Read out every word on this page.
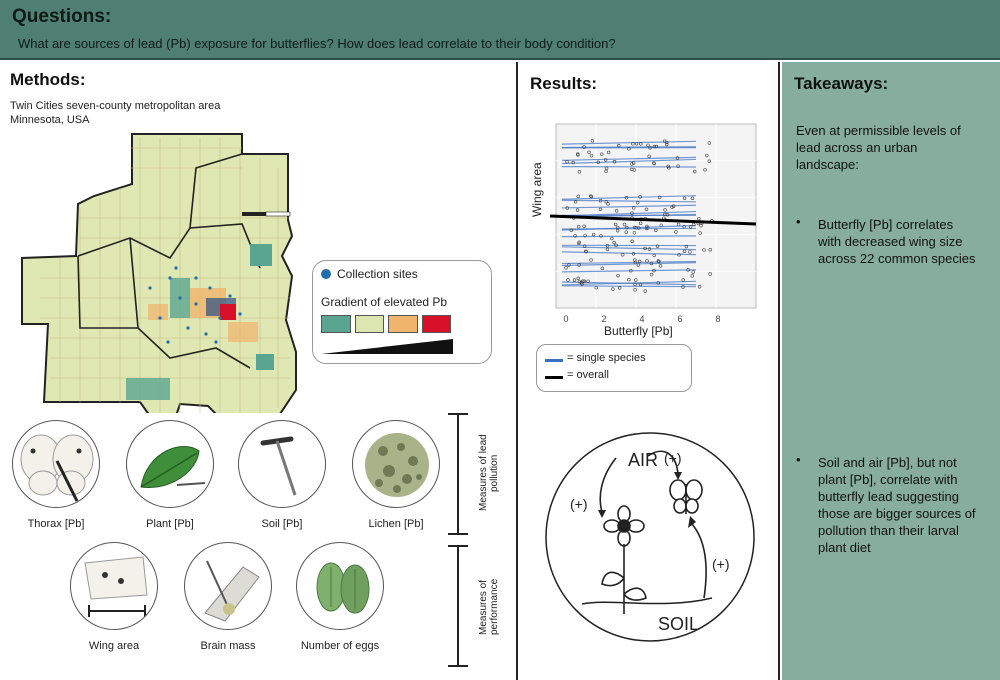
Questions:
What are sources of lead (Pb) exposure for butterflies? How does lead correlate to their body condition?
Methods:
Twin Cities seven-county metropolitan area
Minnesota, USA
Collection sites
Gradient of elevated Pb
Thorax [Pb]	Plant [Pb]	Soil [Pb]	Lichen [Pb]
Wing area	Brain mass	Number of eggs
Measures of lead pollution
Measures of performance
Results:
Wing area
0	2	4	6	8
Butterfly [Pb]
= single species
= overall
AIR (+)
(+)
(+)
SOIL
Takeaways:
Even at permissible levels of lead across an urban landscape:
• Butterfly [Pb] correlates with decreased wing size across 22 common species
• Soil and air [Pb], but not plant [Pb], correlate with butterfly lead suggesting those are bigger sources of pollution than their larval plant diet
